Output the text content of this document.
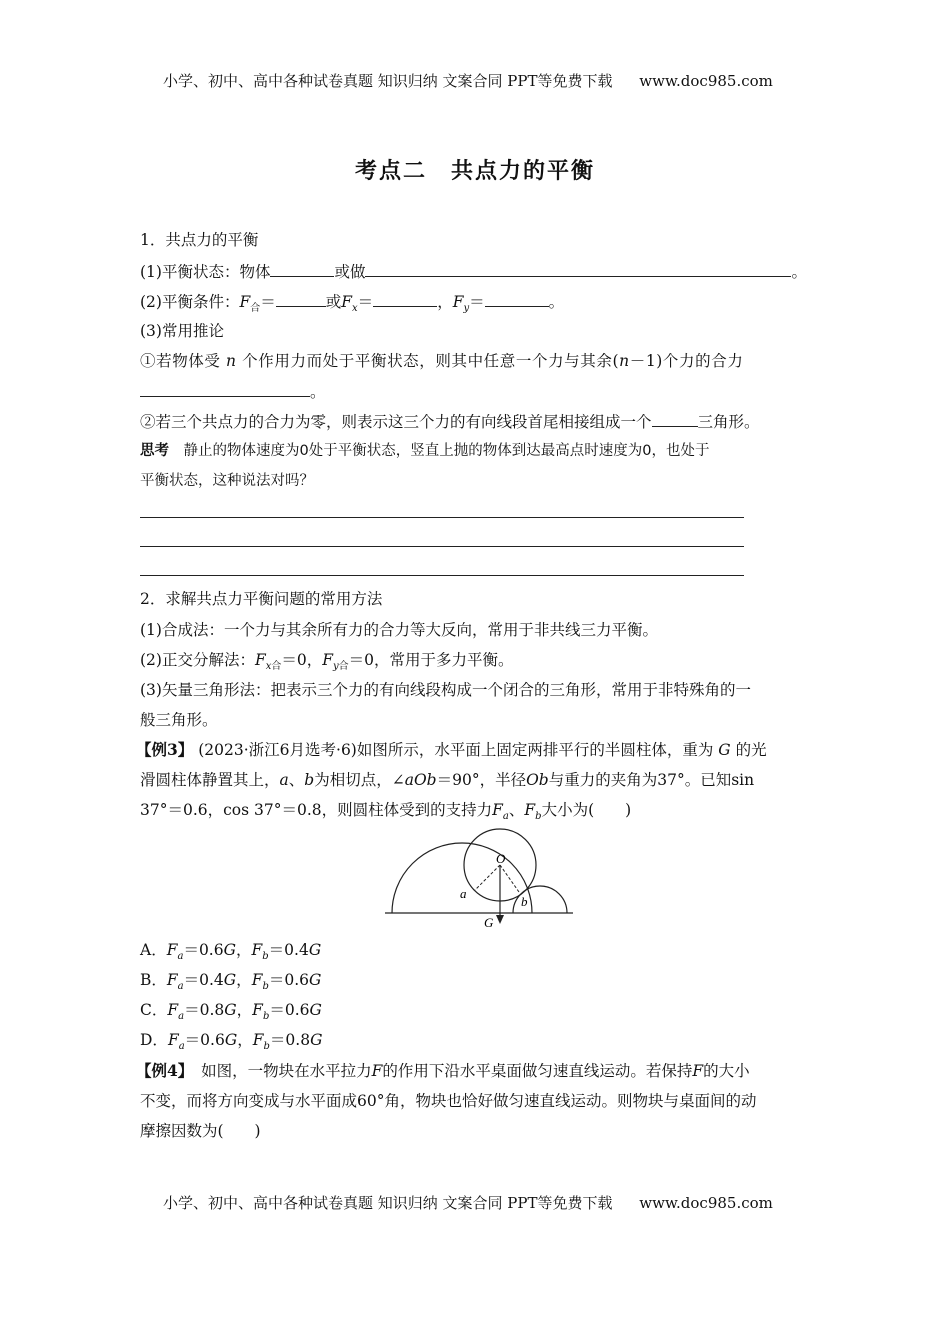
小学、初中、高中各种试卷真题 知识归纳 文案合同 PPT等免费下载 www.doc985.com
考点二　共点力的平衡
1．共点力的平衡
(1)平衡状态：物体	或做	。
(2)平衡条件：$F_合=$	或$F_x=$	，$F_y=$	。
(3)常用推论
①若物体受 n 个作用力而处于平衡状态，则其中任意一个力与其余(n－1)个力的合力
。
②若三个共点力的合力为零，则表示这三个力的有向线段首尾相接组成一个	三角形。
思考　 静止的物体速度为0处于平衡状态，竖直上抛的物体到达最高点时速度为0，也处于
平衡状态，这种说法对吗？
2．求解共点力平衡问题的常用方法
(1)合成法：一个力与其余所有力的合力等大反向，常用于非共线三力平衡。
(2)正交分解法：$F_{x合}=0$，$F_{y合}=0$，常用于多力平衡。
(3)矢量三角形法：把表示三个力的有向线段构成一个闭合的三角形，常用于非特殊角的一
般三角形。
【例3】 (2023·浙江6月选考·6)如图所示，水平面上固定两排平行的半圆柱体，重为 G 的光
滑圆柱体静置其上，a、b为相切点，∠aOb＝90°，半径Ob与重力的夹角为37°。已知sin
37°＝0.6，cos 37°＝0.8，则圆柱体受到的支持力$F_a$、$F_b$大小为(　　)
O
a
b
G
A．$F_a=0.6G$，$F_b=0.4G$
B．$F_a=0.4G$，$F_b=0.6G$
C．$F_a=0.8G$，$F_b=0.6G$
D．$F_a=0.6G$，$F_b=0.8G$
【例4】　 如图，一物块在水平拉力F的作用下沿水平桌面做匀速直线运动。若保持F的大小
不变，而将方向变成与水平面成60°角，物块也恰好做匀速直线运动。则物块与桌面间的动
摩擦因数为(　　)
小学、初中、高中各种试卷真题 知识归纳 文案合同 PPT等免费下载 www.doc985.com
